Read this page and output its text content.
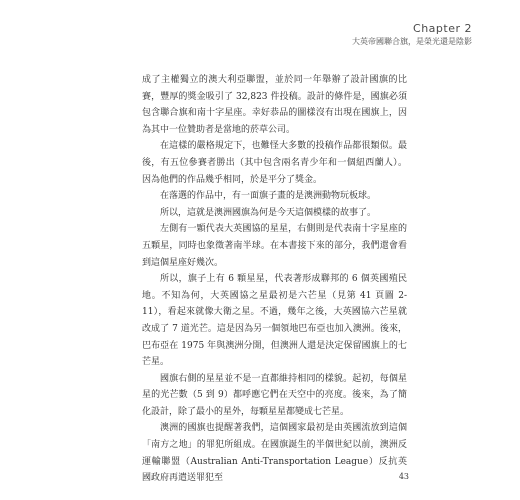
Chapter 2
大英帝國聯合旗，是榮光還是陰影

成了主權獨立的澳大利亞聯盟，並於同一年舉辦了設計國旗的比賽，豐厚的獎金吸引了 32,823 件投稿。設計的條件是，國旗必須包含聯合旗和南十字星座。幸好恭品的圖樣沒有出現在國旗上，因為其中一位贊助者是當地的菸草公司。

在這樣的嚴格規定下，也難怪大多數的投稿作品都很類似。最後，有五位參賽者勝出（其中包含兩名青少年和一個紐西蘭人）。因為他們的作品幾乎相同，於是平分了獎金。

在落選的作品中，有一面旗子畫的是澳洲動物玩板球。

所以，這就是澳洲國旗為何是今天這個模樣的故事了。

左側有一顆代表大英國協的星星，右側則是代表南十字星座的五顆星，同時也象徵著南半球。在本書接下來的部分，我們還會看到這個星座好幾次。

所以，旗子上有 6 顆星星，代表著形成聯邦的 6 個英國殖民地。不知為何，大英國協之星最初是六芒星（見第 41 頁圖 2-11），看起來就像大衛之星。不過，幾年之後，大英國協六芒星就改成了 7 道光芒。這是因為另一個領地巴布亞也加入澳洲。後來，巴布亞在 1975 年與澳洲分開，但澳洲人還是決定保留國旗上的七芒星。

國旗右側的星星並不是一直都維持相同的樣貌。起初，每個星星的光芒數（5 到 9）都呼應它們在天空中的亮度。後來，為了簡化設計，除了最小的星外，每顆星星都變成七芒星。

澳洲的國旗也提醒著我們，這個國家最初是由英國流放到這個「南方之地」的罪犯所組成。在國旗誕生的半個世紀以前，澳洲反運輸聯盟（Australian Anti-Transportation League）反抗英國政府再遣送罪犯至	43
